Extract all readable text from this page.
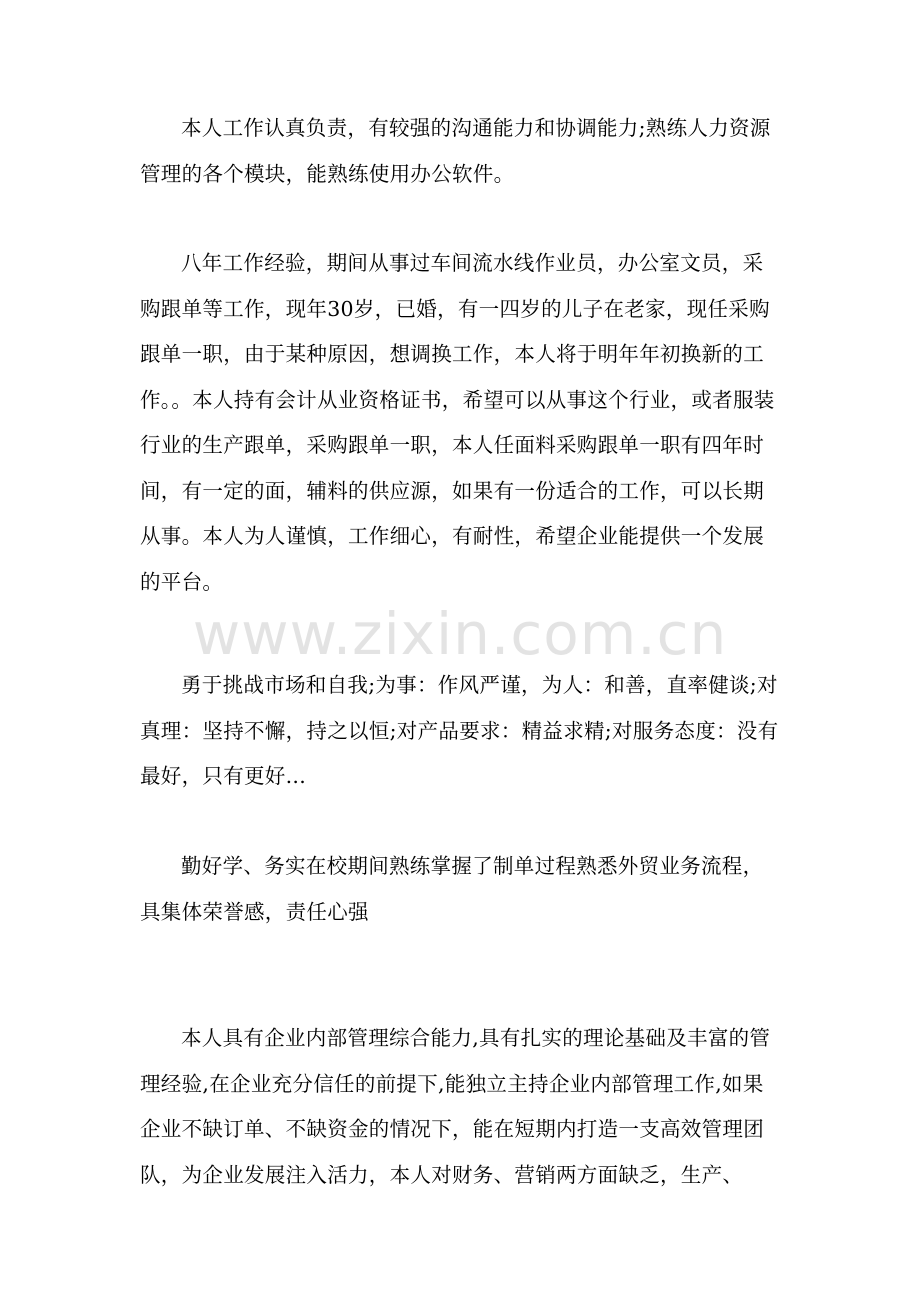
www.zixin.com.cn

本人工作认真负责，有较强的沟通能力和协调能力;熟练人力资源管理的各个模块，能熟练使用办公软件。

八年工作经验，期间从事过车间流水线作业员，办公室文员，采购跟单等工作，现年30岁，已婚，有一四岁的儿子在老家，现任采购跟单一职，由于某种原因，想调换工作，本人将于明年年初换新的工作。。本人持有会计从业资格证书，希望可以从事这个行业，或者服装行业的生产跟单，采购跟单一职，本人任面料采购跟单一职有四年时间，有一定的面，辅料的供应源，如果有一份适合的工作，可以长期从事。本人为人谨慎，工作细心，有耐性，希望企业能提供一个发展的平台。

勇于挑战市场和自我;为事：作风严谨，为人：和善，直率健谈;对真理：坚持不懈，持之以恒;对产品要求：精益求精;对服务态度：没有最好，只有更好...

勤好学、务实在校期间熟练掌握了制单过程熟悉外贸业务流程，具集体荣誉感，责任心强

本人具有企业内部管理综合能力,具有扎实的理论基础及丰富的管理经验,在企业充分信任的前提下,能独立主持企业内部管理工作,如果企业不缺订单、不缺资金的情况下，能在短期内打造一支高效管理团队，为企业发展注入活力，本人对财务、营销两方面缺乏，生产、
